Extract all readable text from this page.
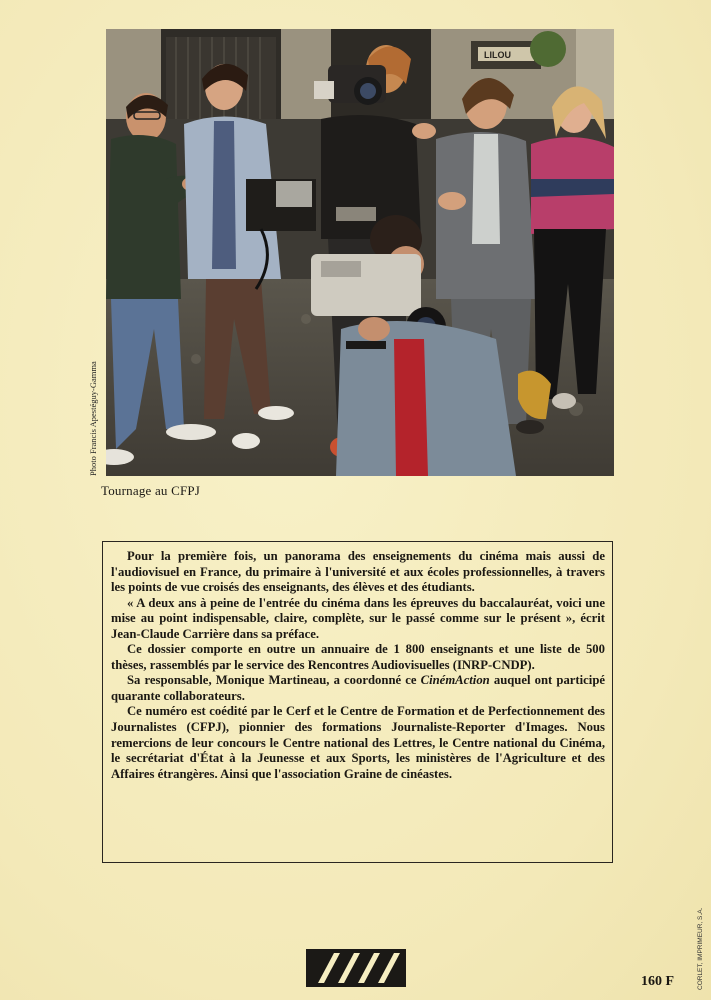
LILOU
Photo Francis Apestéguy-Gamma
Tournage au CFPJ

Pour la première fois, un panorama des enseignements du cinéma mais aussi de l'audiovisuel en France, du primaire à l'université et aux écoles professionnelles, à travers les points de vue croisés des enseignants, des élèves et des étudiants.

« A deux ans à peine de l'entrée du cinéma dans les épreuves du baccalauréat, voici une mise au point indispensable, claire, complète, sur le passé comme sur le présent », écrit Jean-Claude Carrière dans sa préface.

Ce dossier comporte en outre un annuaire de 1 800 enseignants et une liste de 500 thèses, rassemblés par le service des Rencontres Audiovisuelles (INRP-CNDP).

Sa responsable, Monique Martineau, a coordonné ce CinémAction auquel ont participé quarante collaborateurs.

Ce numéro est coédité par le Cerf et le Centre de Formation et de Perfectionnement des Journalistes (CFPJ), pionnier des formations Journaliste-Reporter d'Images. Nous remercions de leur concours le Centre national des Lettres, le Centre national du Cinéma, le secrétariat d'État à la Jeunesse et aux Sports, les ministères de l'Agriculture et des Affaires étrangères. Ainsi que l'association Graine de cinéastes.

160 F	CORLET, IMPRIMEUR, S.A.
